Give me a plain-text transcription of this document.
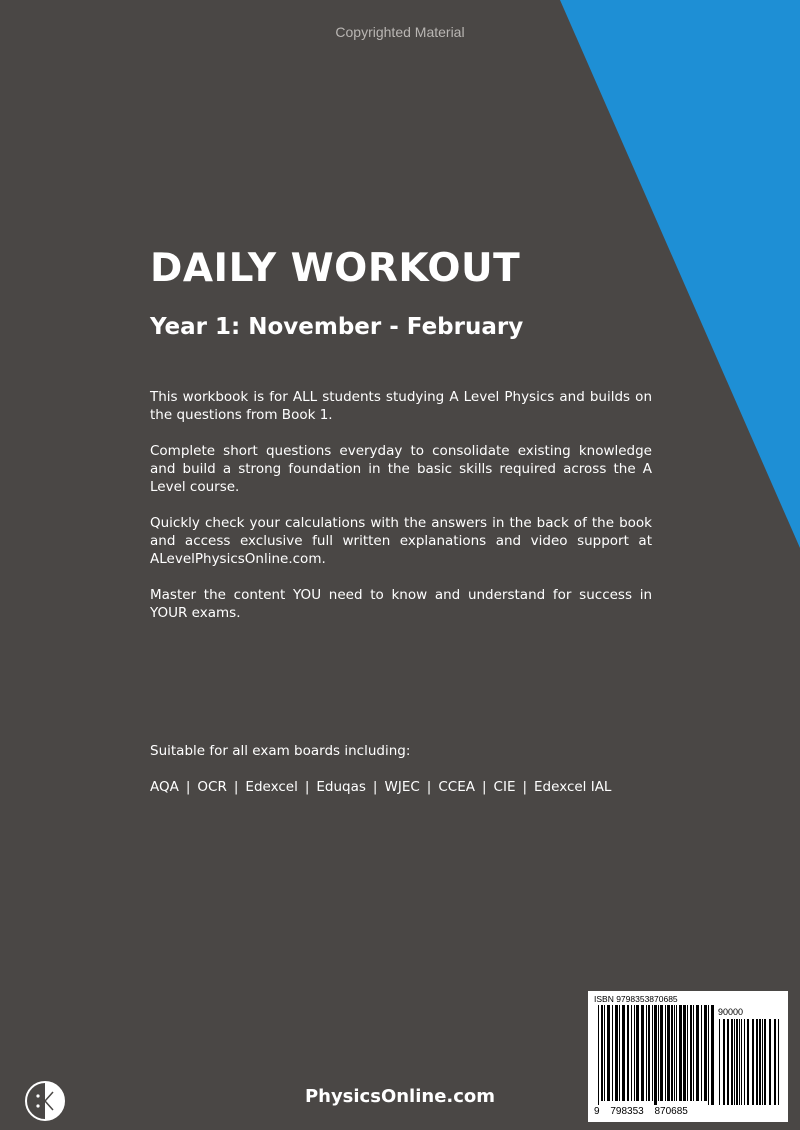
Copyrighted Material
DAILY WORKOUT
Year 1: November - February

This workbook is for ALL students studying A Level Physics and builds on the questions from Book 1.

Complete short questions everyday to consolidate existing knowledge and build a strong foundation in the basic skills required across the A Level course.

Quickly check your calculations with the answers in the back of the book and access exclusive full written explanations and video support at ALevelPhysicsOnline.com.

Master the content YOU need to know and understand for success in YOUR exams.

Suitable for all exam boards including:
AQA | OCR | Edexcel | Eduqas | WJEC | CCEA | CIE | Edexcel IAL
ISBN 9798353870685
90000
9 798353 870685
PhysicsOnline.com
